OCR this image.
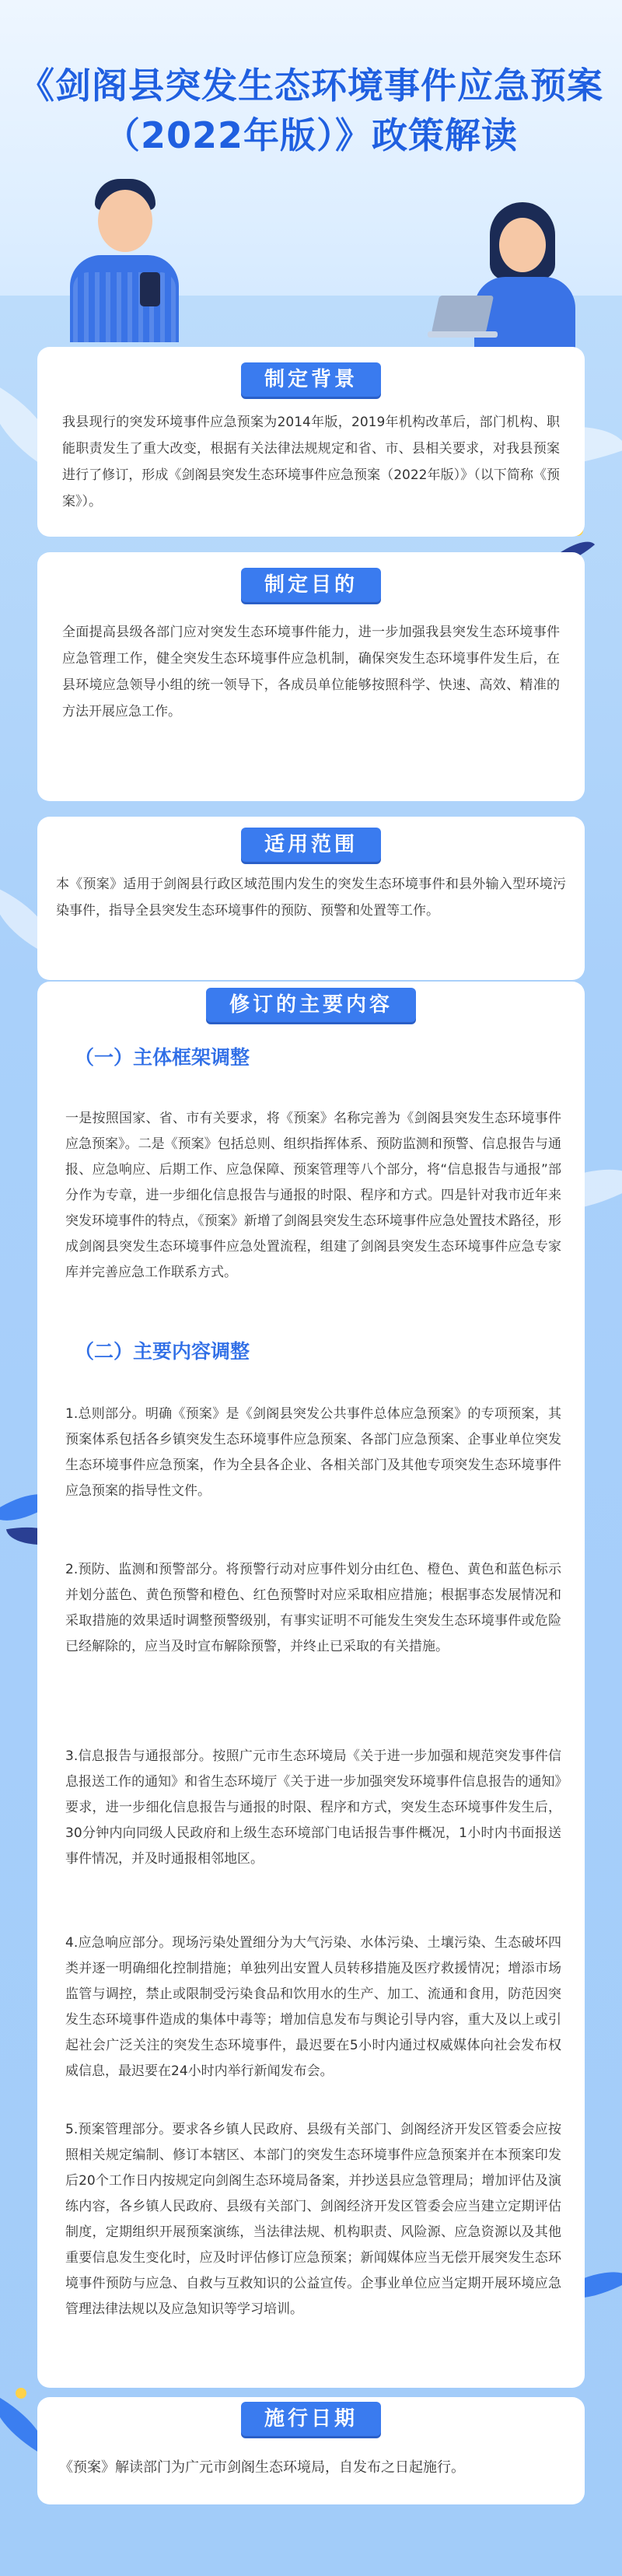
《剑阁县突发生态环境事件应急预案
（2022年版）》政策解读
制定背景
我县现行的突发环境事件应急预案为2014年版，2019年机构改革后，部门机构、职能职责发生了重大改变，根据有关法律法规规定和省、市、县相关要求，对我县预案进行了修订，形成《剑阁县突发生态环境事件应急预案（2022年版）》（以下简称《预案》）。
制定目的
全面提高县级各部门应对突发生态环境事件能力，进一步加强我县突发生态环境事件应急管理工作，健全突发生态环境事件应急机制，确保突发生态环境事件发生后，在县环境应急领导小组的统一领导下，各成员单位能够按照科学、快速、高效、精准的方法开展应急工作。
适用范围
本《预案》适用于剑阁县行政区域范围内发生的突发生态环境事件和县外输入型环境污染事件，指导全县突发生态环境事件的预防、预警和处置等工作。
修订的主要内容
（一）主体框架调整
一是按照国家、省、市有关要求，将《预案》名称完善为《剑阁县突发生态环境事件应急预案》。二是《预案》包括总则、组织指挥体系、预防监测和预警、信息报告与通报、应急响应、后期工作、应急保障、预案管理等八个部分，将“信息报告与通报”部分作为专章，进一步细化信息报告与通报的时限、程序和方式。四是针对我市近年来突发环境事件的特点，《预案》新增了剑阁县突发生态环境事件应急处置技术路径，形成剑阁县突发生态环境事件应急处置流程，组建了剑阁县突发生态环境事件应急专家库并完善应急工作联系方式。
（二）主要内容调整
1.总则部分。明确《预案》是《剑阁县突发公共事件总体应急预案》的专项预案，其预案体系包括各乡镇突发生态环境事件应急预案、各部门应急预案、企事业单位突发生态环境事件应急预案，作为全县各企业、各相关部门及其他专项突发生态环境事件应急预案的指导性文件。
2.预防、监测和预警部分。将预警行动对应事件划分由红色、橙色、黄色和蓝色标示并划分蓝色、黄色预警和橙色、红色预警时对应采取相应措施；根据事态发展情况和采取措施的效果适时调整预警级别，有事实证明不可能发生突发生态环境事件或危险已经解除的，应当及时宣布解除预警，并终止已采取的有关措施。
3.信息报告与通报部分。按照广元市生态环境局《关于进一步加强和规范突发事件信息报送工作的通知》和省生态环境厅《关于进一步加强突发环境事件信息报告的通知》要求，进一步细化信息报告与通报的时限、程序和方式，突发生态环境事件发生后，30分钟内向同级人民政府和上级生态环境部门电话报告事件概况，1小时内书面报送事件情况，并及时通报相邻地区。
4.应急响应部分。现场污染处置细分为大气污染、水体污染、土壤污染、生态破坏四类并逐一明确细化控制措施；单独列出安置人员转移措施及医疗救援情况；增添市场监管与调控，禁止或限制受污染食品和饮用水的生产、加工、流通和食用，防范因突发生态环境事件造成的集体中毒等；增加信息发布与舆论引导内容，重大及以上或引起社会广泛关注的突发生态环境事件，最迟要在5小时内通过权威媒体向社会发布权威信息，最迟要在24小时内举行新闻发布会。
5.预案管理部分。要求各乡镇人民政府、县级有关部门、剑阁经济开发区管委会应按照相关规定编制、修订本辖区、本部门的突发生态环境事件应急预案并在本预案印发后20个工作日内按规定向剑阁生态环境局备案，并抄送县应急管理局；增加评估及演练内容，各乡镇人民政府、县级有关部门、剑阁经济开发区管委会应当建立定期评估制度，定期组织开展预案演练，当法律法规、机构职责、风险源、应急资源以及其他重要信息发生变化时，应及时评估修订应急预案；新闻媒体应当无偿开展突发生态环境事件预防与应急、自救与互救知识的公益宣传。企事业单位应当定期开展环境应急管理法律法规以及应急知识等学习培训。
施行日期
《预案》解读部门为广元市剑阁生态环境局，自发布之日起施行。
